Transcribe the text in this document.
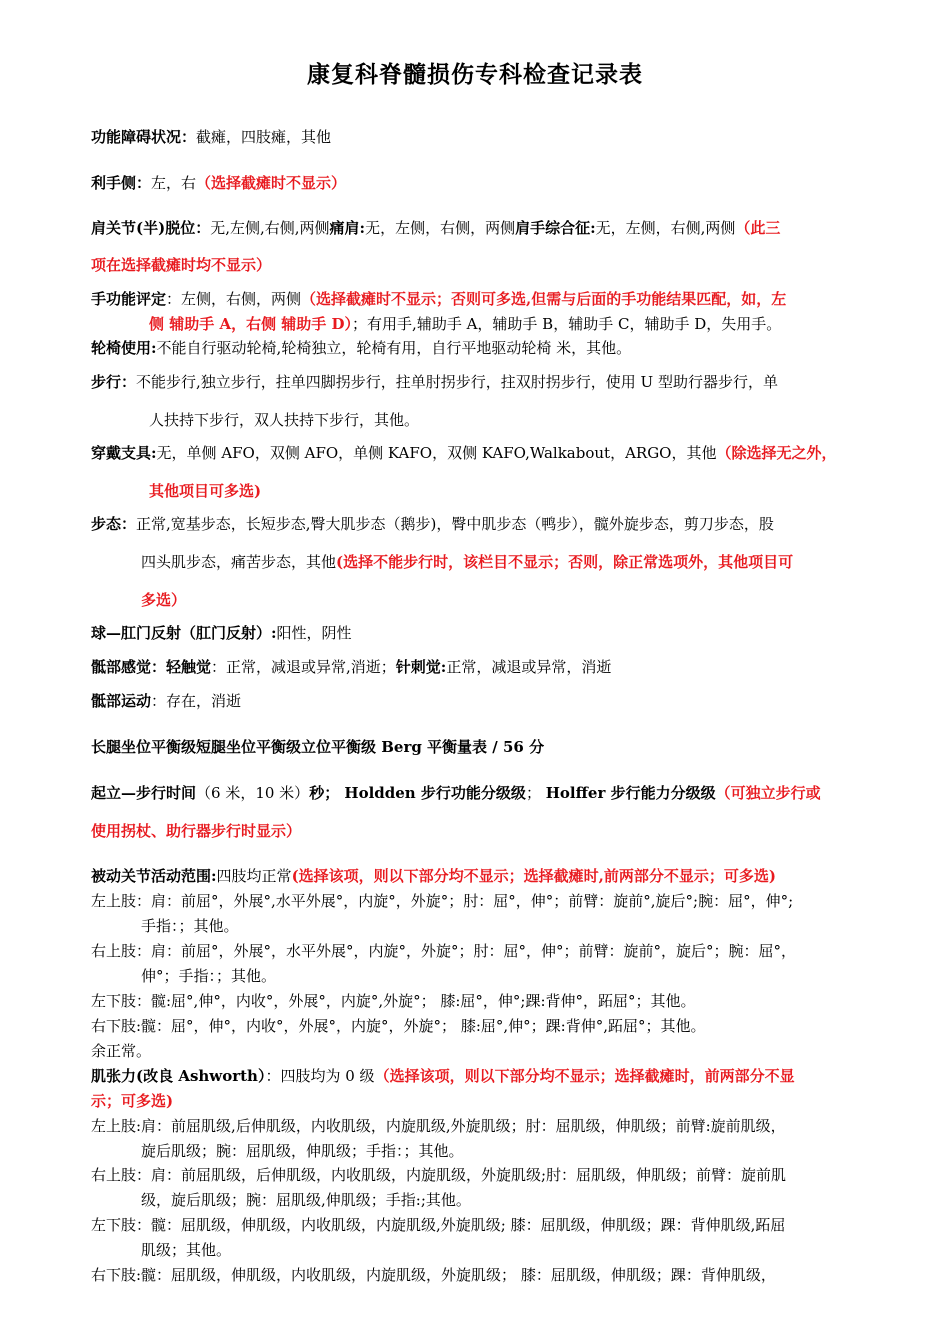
康复科脊髓损伤专科检查记录表
功能障碍状况：截瘫，四肢瘫，其他
利手侧：左，右（选择截瘫时不显示）
肩关节(半)脱位：无,左侧,右侧,两侧痛肩:无，左侧，右侧，两侧肩手综合征:无，左侧，右侧,两侧（此三
项在选择截瘫时均不显示）
手功能评定：左侧，右侧，两侧（选择截瘫时不显示；否则可多选,但需与后面的手功能结果匹配，如，左
侧 辅助手 A，右侧 辅助手 D）；有用手,辅助手 A，辅助手 B，辅助手 C，辅助手 D，失用手。
轮椅使用:不能自行驱动轮椅,轮椅独立，轮椅有用，自行平地驱动轮椅 米，其他。
步行：不能步行,独立步行，拄单四脚拐步行，拄单肘拐步行，拄双肘拐步行，使用 U 型助行器步行，单
人扶持下步行，双人扶持下步行，其他。
穿戴支具:无，单侧 AFO，双侧 AFO，单侧 KAFO，双侧 KAFO,Walkabout，ARGO，其他（除选择无之外，
其他项目可多选)
步态：正常,宽基步态，长短步态,臀大肌步态（鹅步)，臀中肌步态（鸭步），髋外旋步态，剪刀步态，股
四头肌步态，痛苦步态，其他(选择不能步行时，该栏目不显示；否则，除正常选项外，其他项目可
多选）
球—肛门反射（肛门反射）:阳性，阴性
骶部感觉：轻触觉：正常，减退或异常,消逝；针刺觉:正常，减退或异常，消逝
骶部运动：存在，消逝
长腿坐位平衡级短腿坐位平衡级立位平衡级 Berg 平衡量表 / 56 分
起立—步行时间（6 米，10 米）秒； Holdden 步行功能分级级； Holffer 步行能力分级级（可独立步行或
使用拐杖、助行器步行时显示）
被动关节活动范围:四肢均正常(选择该项，则以下部分均不显示；选择截瘫时,前两部分不显示；可多选)
左上肢：肩：前屈°，外展°,水平外展°，内旋°，外旋°；肘：屈°，伸°；前臂：旋前°,旋后°;腕：屈°，伸°;
手指：；其他。
右上肢：肩：前屈°，外展°，水平外展°，内旋°，外旋°；肘：屈°，伸°；前臂：旋前°，旋后°；腕：屈°，
伸°；手指：；其他。
左下肢：髋:屈°,伸°，内收°，外展°，内旋°,外旋°； 膝:屈°，伸°;踝:背伸°，跖屈°；其他。
右下肢:髋：屈°，伸°，内收°，外展°，内旋°，外旋°； 膝:屈°,伸°；踝:背伸°,跖屈°；其他。
余正常。
肌张力(改良 Ashworth）：四肢均为 0 级（选择该项，则以下部分均不显示；选择截瘫时，前两部分不显
示；可多选)
左上肢:肩：前屈肌级,后伸肌级，内收肌级，内旋肌级,外旋肌级；肘：屈肌级，伸肌级；前臂:旋前肌级，
旋后肌级；腕：屈肌级，伸肌级；手指：；其他。
右上肢：肩：前屈肌级，后伸肌级，内收肌级，内旋肌级，外旋肌级;肘：屈肌级，伸肌级；前臂：旋前肌
级，旋后肌级；腕：屈肌级,伸肌级；手指:;其他。
左下肢：髋：屈肌级，伸肌级，内收肌级，内旋肌级,外旋肌级; 膝：屈肌级，伸肌级；踝：背伸肌级,跖屈
肌级；其他。
右下肢:髋：屈肌级，伸肌级，内收肌级，内旋肌级，外旋肌级； 膝：屈肌级，伸肌级；踝：背伸肌级，
